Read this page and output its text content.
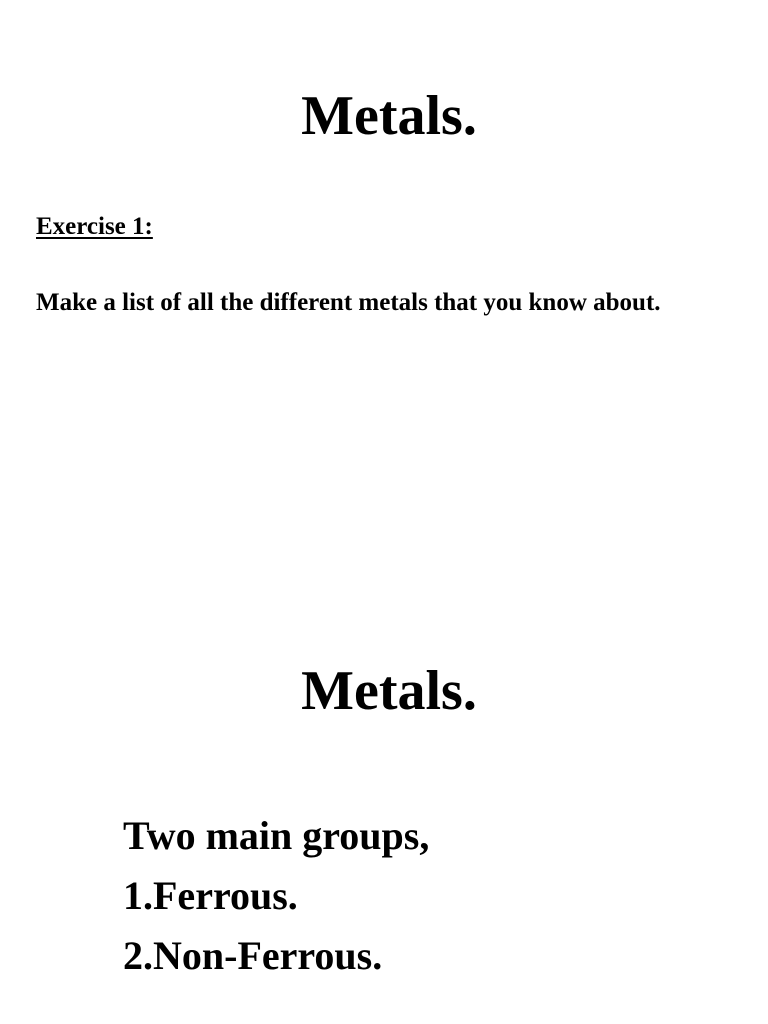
Metals.

Exercise 1:

Make a list of all the different metals that you know about.

Metals.
Two main groups,
1.Ferrous.
2.Non-Ferrous.
